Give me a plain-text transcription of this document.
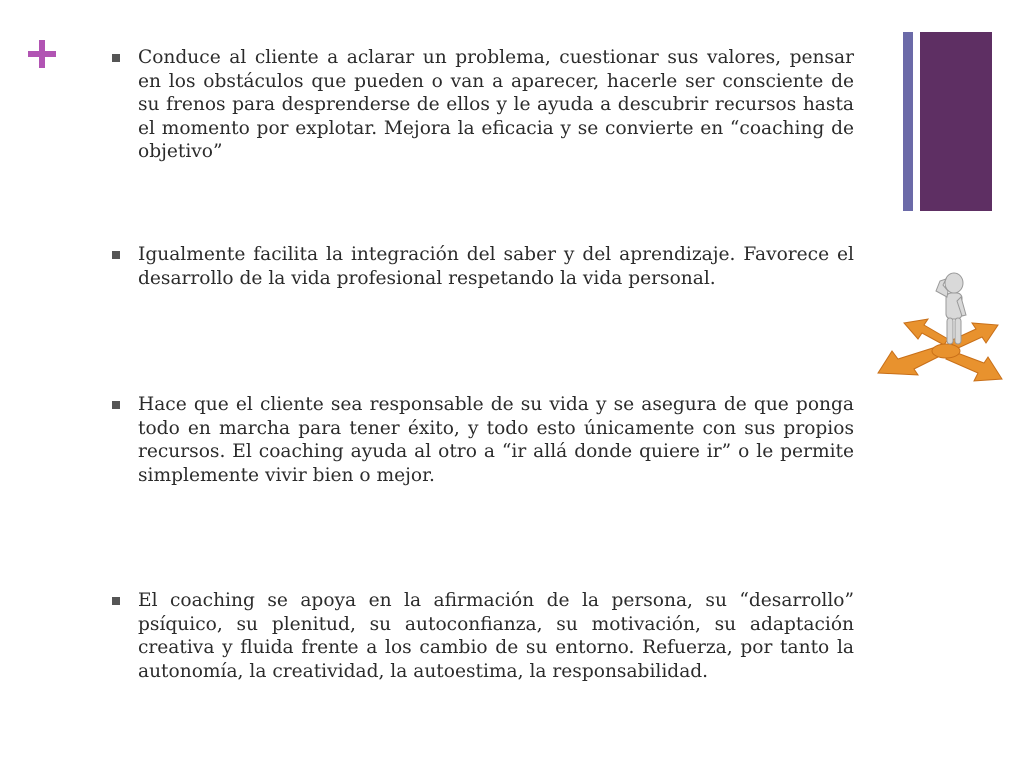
Conduce al cliente a aclarar un problema, cuestionar sus valores, pensar en los obstáculos que pueden o van a aparecer, hacerle ser consciente de su frenos para desprenderse de ellos y le ayuda a descubrir recursos hasta el momento por explotar. Mejora la eficacia y se convierte en “coaching de objetivo”
Igualmente facilita la integración del saber y del aprendizaje. Favorece el desarrollo de la vida profesional respetando la vida personal.
Hace que el cliente sea responsable de su vida y se asegura de que ponga todo en marcha para tener éxito, y todo esto únicamente con sus propios recursos. El coaching ayuda al otro a “ir allá donde quiere ir” o le permite simplemente vivir bien o mejor.
El coaching se apoya en la afirmación de la persona, su “desarrollo” psíquico, su plenitud, su autoconfianza, su motivación, su adaptación creativa y fluida frente a los cambio de su entorno. Refuerza, por tanto la autonomía, la creatividad, la autoestima, la responsabilidad.
